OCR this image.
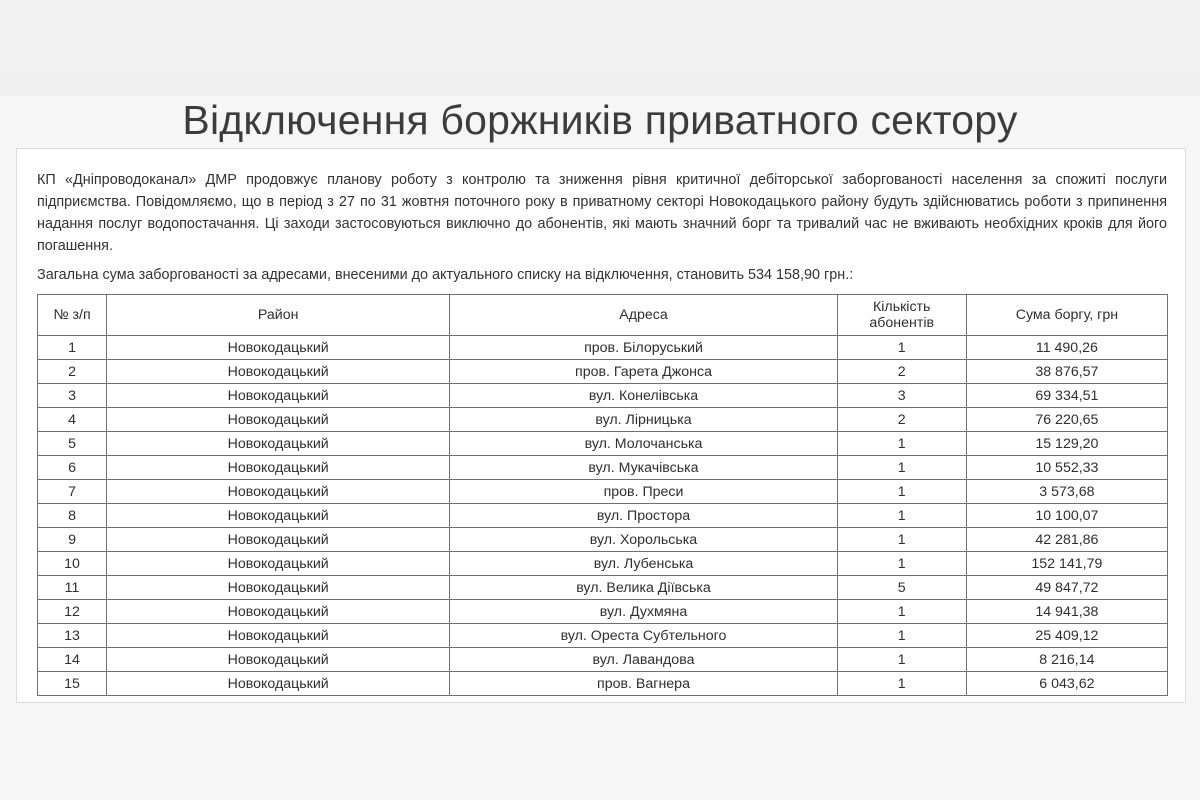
Відключення боржників приватного сектору

КП «Дніпроводоканал» ДМР продовжує планову роботу з контролю та зниження рівня критичної дебіторської заборгованості населення за спожиті послуги підприємства. Повідомляємо, що в період з 27 по 31 жовтня поточного року в приватному секторі Новокодацького району будуть здійснюватись роботи з припинення надання послуг водопостачання. Ці заходи застосовуються виключно до абонентів, які мають значний борг та тривалий час не вживають необхідних кроків для його погашення.

Загальна сума заборгованості за адресами, внесеними до актуального списку на відключення, становить 534 158,90 грн.:

№ з/п	Район	Адреса	Кількість абонентів	Сума боргу, грн
1	Новокодацький	пров. Білоруський	1	11 490,26
2	Новокодацький	пров. Гарета Джонса	2	38 876,57
3	Новокодацький	вул. Конелівська	3	69 334,51
4	Новокодацький	вул. Лірницька	2	76 220,65
5	Новокодацький	вул. Молочанська	1	15 129,20
6	Новокодацький	вул. Мукачівська	1	10 552,33
7	Новокодацький	пров. Преси	1	3 573,68
8	Новокодацький	вул. Простора	1	10 100,07
9	Новокодацький	вул. Хорольська	1	42 281,86
10	Новокодацький	вул. Лубенська	1	152 141,79
11	Новокодацький	вул. Велика Діївська	5	49 847,72
12	Новокодацький	вул. Духмяна	1	14 941,38
13	Новокодацький	вул. Ореста Субтельного	1	25 409,12
14	Новокодацький	вул. Лавандова	1	8 216,14
15	Новокодацький	пров. Вагнера	1	6 043,62
